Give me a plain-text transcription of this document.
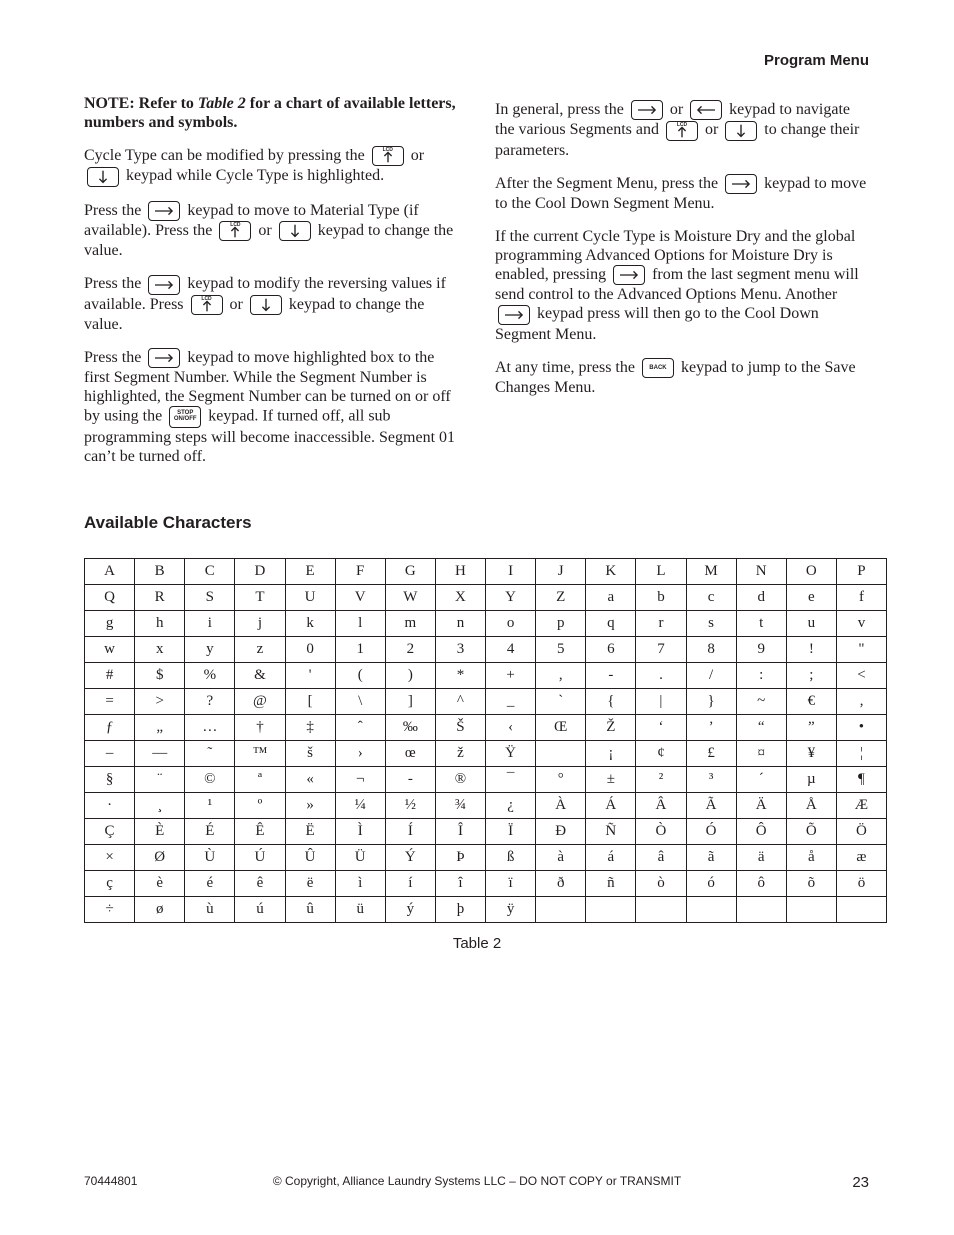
Program Menu

NOTE: Refer to Table 2 for a chart of available letters, numbers and symbols.

Cycle Type can be modified by pressing the	LCD	or

keypad while Cycle Type is highlighted.

Press the	keypad to move to Material Type (if available). Press the	LCD	or	keypad to change the value.

Press the	keypad to modify the reversing values if available. Press	LCD	or	keypad to change the value.

Press the	keypad to move highlighted box to the first Segment Number. While the Segment Number is highlighted, the Segment Number can be turned on or off by using the	STOP
ON/OFF keypad. If turned off, all sub programming steps will become inaccessible. Segment 01 can’t be turned off.

In general, press the	or	keypad to navigate the various Segments and	LCD	or	to change their parameters.

After the Segment Menu, press the	keypad to move to the Cool Down Segment Menu.

If the current Cycle Type is Moisture Dry and the global programming Advanced Options for Moisture Dry is enabled, pressing	from the last segment menu will send control to the Advanced Options Menu. Another
keypad press will then go to the Cool Down Segment Menu.

At any time, press the	BACK keypad to jump to the Save Changes Menu.

Available Characters
A	B	C	D	E	F	G	H	I	J	K	L	M	N	O	P
Q	R	S	T	U	V	W	X	Y	Z	a	b	c	d	e	f
g	h	i	j	k	l	m	n	o	p	q	r	s	t	u	v
w	x	y	z	0	1	2	3	4	5	6	7	8	9	!	"
#	$	%	&	'	(	)	*	+	,	-	.	/	:	;	<
=	>	?	@	[	\	]	^	_	`	{	|	}	~	€	‚
ƒ	„	…	†	‡	ˆ	‰	Š	‹	Œ	Ž	‘	’	“	”	•
–	—	˜	™	š	›	œ	ž	Ÿ		¡	¢	£	¤	¥	¦
§	¨	©	ª	«	¬	-	®	¯	°	±	²	³	´	µ	¶
·	¸	¹	º	»	¼	½	¾	¿	À	Á	Â	Ã	Ä	Å	Æ
Ç	È	É	Ê	Ë	Ì	Í	Î	Ï	Ð	Ñ	Ò	Ó	Ô	Õ	Ö
×	Ø	Ù	Ú	Û	Ü	Ý	Þ	ß	à	á	â	ã	ä	å	æ
ç	è	é	ê	ë	ì	í	î	ï	ð	ñ	ò	ó	ô	õ	ö
÷	ø	ù	ú	û	ü	ý	þ	ÿ							
Table 2
70444801	© Copyright, Alliance Laundry Systems LLC – DO NOT COPY or TRANSMIT	23
